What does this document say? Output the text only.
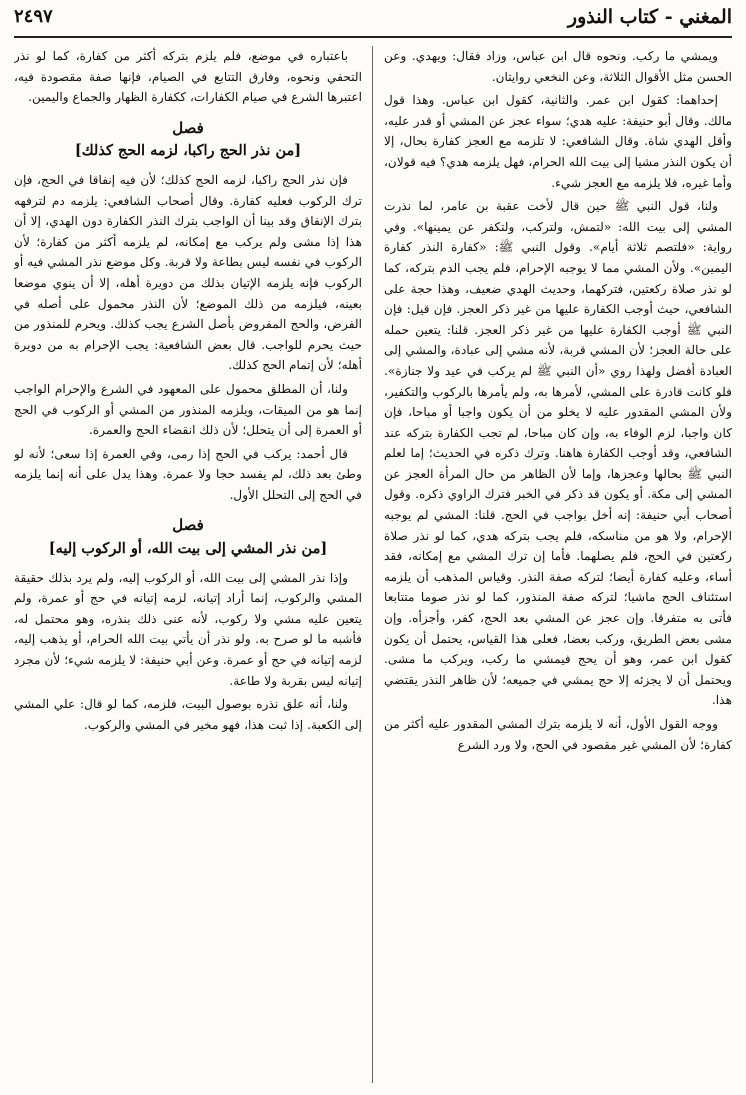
المغني - كتاب النذور
٢٤٩٧

ويمشي ما ركب. ونحوه قال ابن عباس، وزاد فقال: ويهدي. وعن الحسن مثل الأقوال الثلاثة، وعن النخعي روايتان.

إحداهما: كقول ابن عمر. والثانية، كقول ابن عباس. وهذا قول مالك. وقال أبو حنيفة: عليه هدي؛ سواء عجز عن المشي أو قدر عليه، وأقل الهدي شاة. وقال الشافعي: لا تلزمه مع العجز كفارة بحال، إلا أن يكون النذر مشيا إلى بيت الله الحرام، فهل يلزمه هدي؟ فيه قولان، وأما غيره، فلا يلزمه مع العجز شيء.

ولنا، قول النبي ﷺ حين قال لأخت عقبة بن عامر، لما نذرت المشي إلى بيت الله: «لتمش، ولتركب، ولتكفر عن يمينها». وفي رواية: «فلتصم ثلاثة أيام». وقول النبي ﷺ: «كفارة النذر كفارة اليمين». ولأن المشي مما لا يوجبه الإحرام، فلم يجب الدم بتركه، كما لو نذر صلاة ركعتين، فتركهما، وحديث الهدي ضعيف، وهذا حجة على الشافعي، حيث أوجب الكفارة عليها من غير ذكر العجز. فإن قيل: فإن النبي ﷺ أوجب الكفارة عليها من غير ذكر العجز. قلنا: يتعين حمله على حالة العجز؛ لأن المشي قربة، لأنه مشي إلى عبادة، والمشي إلى العبادة أفضل ولهذا روي «أن النبي ﷺ لم يركب في عيد ولا جنازة». فلو كانت قادرة على المشي، لأمرها به، ولم يأمرها بالركوب والتكفير، ولأن المشي المقدور عليه لا يخلو من أن يكون واجبا أو مباحا، فإن كان واجبا، لزم الوفاء به، وإن كان مباحا، لم تجب الكفارة بتركه عند الشافعي، وقد أوجب الكفارة هاهنا. وترك ذكره في الحديث؛ إما لعلم النبي ﷺ بحالها وعجزها، وإما لأن الظاهر من حال المرأة العجز عن المشي إلى مكة. أو يكون قد ذكر في الخبر فترك الراوي ذكره. وقول أصحاب أبي حنيفة: إنه أخل بواجب في الحج. قلنا: المشي لم يوجبه الإحرام، ولا هو من مناسكه، فلم يجب بتركه هدي، كما لو نذر صلاة ركعتين في الحج، فلم يصلهما. فأما إن ترك المشي مع إمكانه، فقد أساء، وعليه كفارة أيضا؛ لتركه صفة النذر. وقياس المذهب أن يلزمه استئناف الحج ماشيا؛ لتركه صفة المنذور، كما لو نذر صوما متتابعا فأتى به متفرقا. وإن عجز عن المشي بعد الحج، كفر، وأجزأه. وإن مشى بعض الطريق، وركب بعضا، فعلى هذا القياس، يحتمل أن يكون كقول ابن عمر، وهو أن يحج فيمشي ما ركب، ويركب ما مشى. ويحتمل أن لا يجزئه إلا حج يمشي في جميعه؛ لأن ظاهر النذر يقتضي هذا.

ووجه القول الأول، أنه لا يلزمه بترك المشي المقدور عليه أكثر من كفارة؛ لأن المشي غير مقصود في الحج، ولا ورد الشرع

باعتباره في موضع، فلم يلزم بتركه أكثر من كفارة، كما لو نذر التحفي ونحوه، وفارق التتابع في الصيام، فإنها صفة مقصودة فيه، اعتبرها الشرع في صيام الكفارات، ككفارة الظهار والجماع واليمين.

فصل
[من نذر الحج راكبا، لزمه الحج كذلك]

فإن نذر الحج راكبا، لزمه الحج كذلك؛ لأن فيه إنفاقا في الحج، فإن ترك الركوب فعليه كفارة. وقال أصحاب الشافعي: يلزمه دم لترفهه بترك الإنفاق وقد بينا أن الواجب بترك النذر الكفارة دون الهدي، إلا أن هذا إذا مشى ولم يركب مع إمكانه، لم يلزمه أكثر من كفارة؛ لأن الركوب في نفسه ليس بطاعة ولا قربة. وكل موضع نذر المشي فيه أو الركوب فإنه يلزمه الإتيان بذلك من دويرة أهله، إلا أن ينوي موضعا بعينه، فيلزمه من ذلك الموضع؛ لأن النذر محمول على أصله في الفرض، والحج المفروض بأصل الشرع يجب كذلك. ويحرم للمنذور من حيث يحرم للواجب. قال بعض الشافعية: يجب الإحرام به من دويرة أهله؛ لأن إتمام الحج كذلك.

ولنا، أن المطلق محمول على المعهود في الشرع والإحرام الواجب إنما هو من الميقات، ويلزمه المنذور من المشي أو الركوب في الحج أو العمرة إلى أن يتحلل؛ لأن ذلك انقضاء الحج والعمرة.

قال أحمد: يركب في الحج إذا رمى، وفي العمرة إذا سعى؛ لأنه لو وطئ بعد ذلك، لم يفسد حجا ولا عمرة. وهذا يدل على أنه إنما يلزمه في الحج إلى التحلل الأول.

فصل
[من نذر المشي إلى بيت الله، أو الركوب إليه]

وإذا نذر المشي إلى بيت الله، أو الركوب إليه، ولم يرد بذلك حقيقة المشي والركوب، إنما أراد إتيانه، لزمه إتيانه في حج أو عمرة، ولم يتعين عليه مشي ولا ركوب، لأنه عنى ذلك بنذره، وهو محتمل له، فأشبه ما لو صرح به. ولو نذر أن يأتي بيت الله الحرام، أو يذهب إليه، لزمه إتيانه في حج أو عمرة. وعن أبي حنيفة: لا يلزمه شيء؛ لأن مجرد إتيانه ليس بقربة ولا طاعة.

ولنا، أنه علق نذره بوصول البيت، فلزمه، كما لو قال: علي المشي إلى الكعبة. إذا ثبت هذا، فهو مخير في المشي والركوب.
